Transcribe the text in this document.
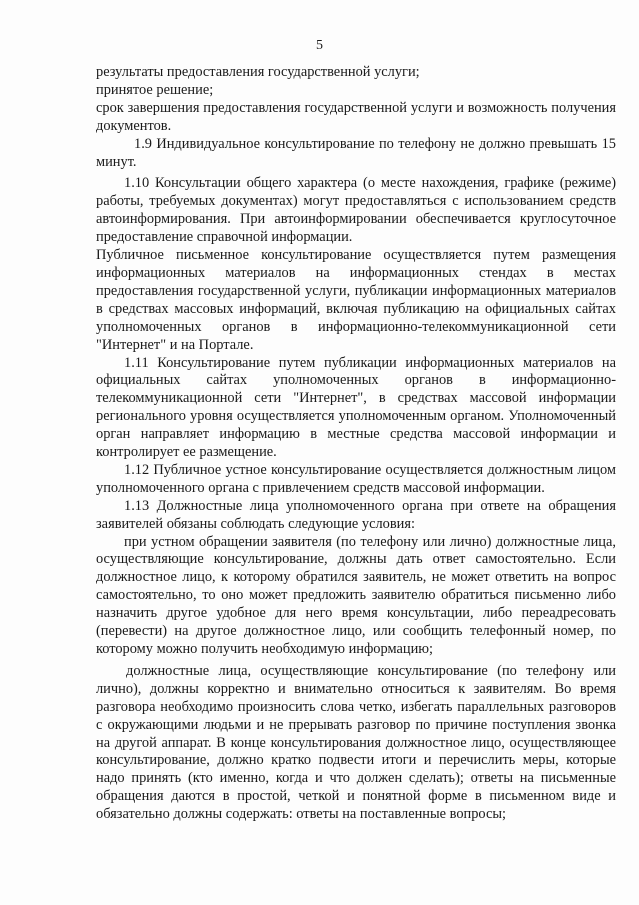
5

результаты предоставления государственной услуги;

принятое решение;

срок завершения предоставления государственной услуги и возможность получения документов.

1.9 Индивидуальное консультирование по телефону не должно превышать 15 минут.

1.10 Консультации общего характера (о месте нахождения, графике (режиме) работы, требуемых документах) могут предоставляться с использованием средств автоинформирования. При автоинформировании обеспечивается круглосуточное предоставление справочной информации.

Публичное письменное консультирование осуществляется путем размещения информационных материалов на информационных стендах в местах предоставления государственной услуги, публикации информационных материалов в средствах массовых информаций, включая публикацию на официальных сайтах уполномоченных органов в информационно-телекоммуникационной сети "Интернет" и на Портале.

1.11 Консультирование путем публикации информационных материалов на официальных сайтах уполномоченных органов в информационно-телекоммуникационной сети "Интернет", в средствах массовой информации регионального уровня осуществляется уполномоченным органом. Уполномоченный орган направляет информацию в местные средства массовой информации и контролирует ее размещение.

1.12 Публичное устное консультирование осуществляется должностным лицом уполномоченного органа с привлечением средств массовой информации.

1.13 Должностные лица уполномоченного органа при ответе на обращения заявителей обязаны соблюдать следующие условия:

при устном обращении заявителя (по телефону или лично) должностные лица, осуществляющие консультирование, должны дать ответ самостоятельно. Если должностное лицо, к которому обратился заявитель, не может ответить на вопрос самостоятельно, то оно может предложить заявителю обратиться письменно либо назначить другое удобное для него время консультации, либо переадресовать (перевести) на другое должностное лицо, или сообщить телефонный номер, по которому можно получить необходимую информацию;

должностные лица, осуществляющие консультирование (по телефону или лично), должны корректно и внимательно относиться к заявителям. Во время разговора необходимо произносить слова четко, избегать параллельных разговоров с окружающими людьми и не прерывать разговор по причине поступления звонка на другой аппарат. В конце консультирования должностное лицо, осуществляющее консультирование, должно кратко подвести итоги и перечислить меры, которые надо принять (кто именно, когда и что должен сделать); ответы на письменные обращения даются в простой, четкой и понятной форме в письменном виде и обязательно должны содержать: ответы на поставленные вопросы;
